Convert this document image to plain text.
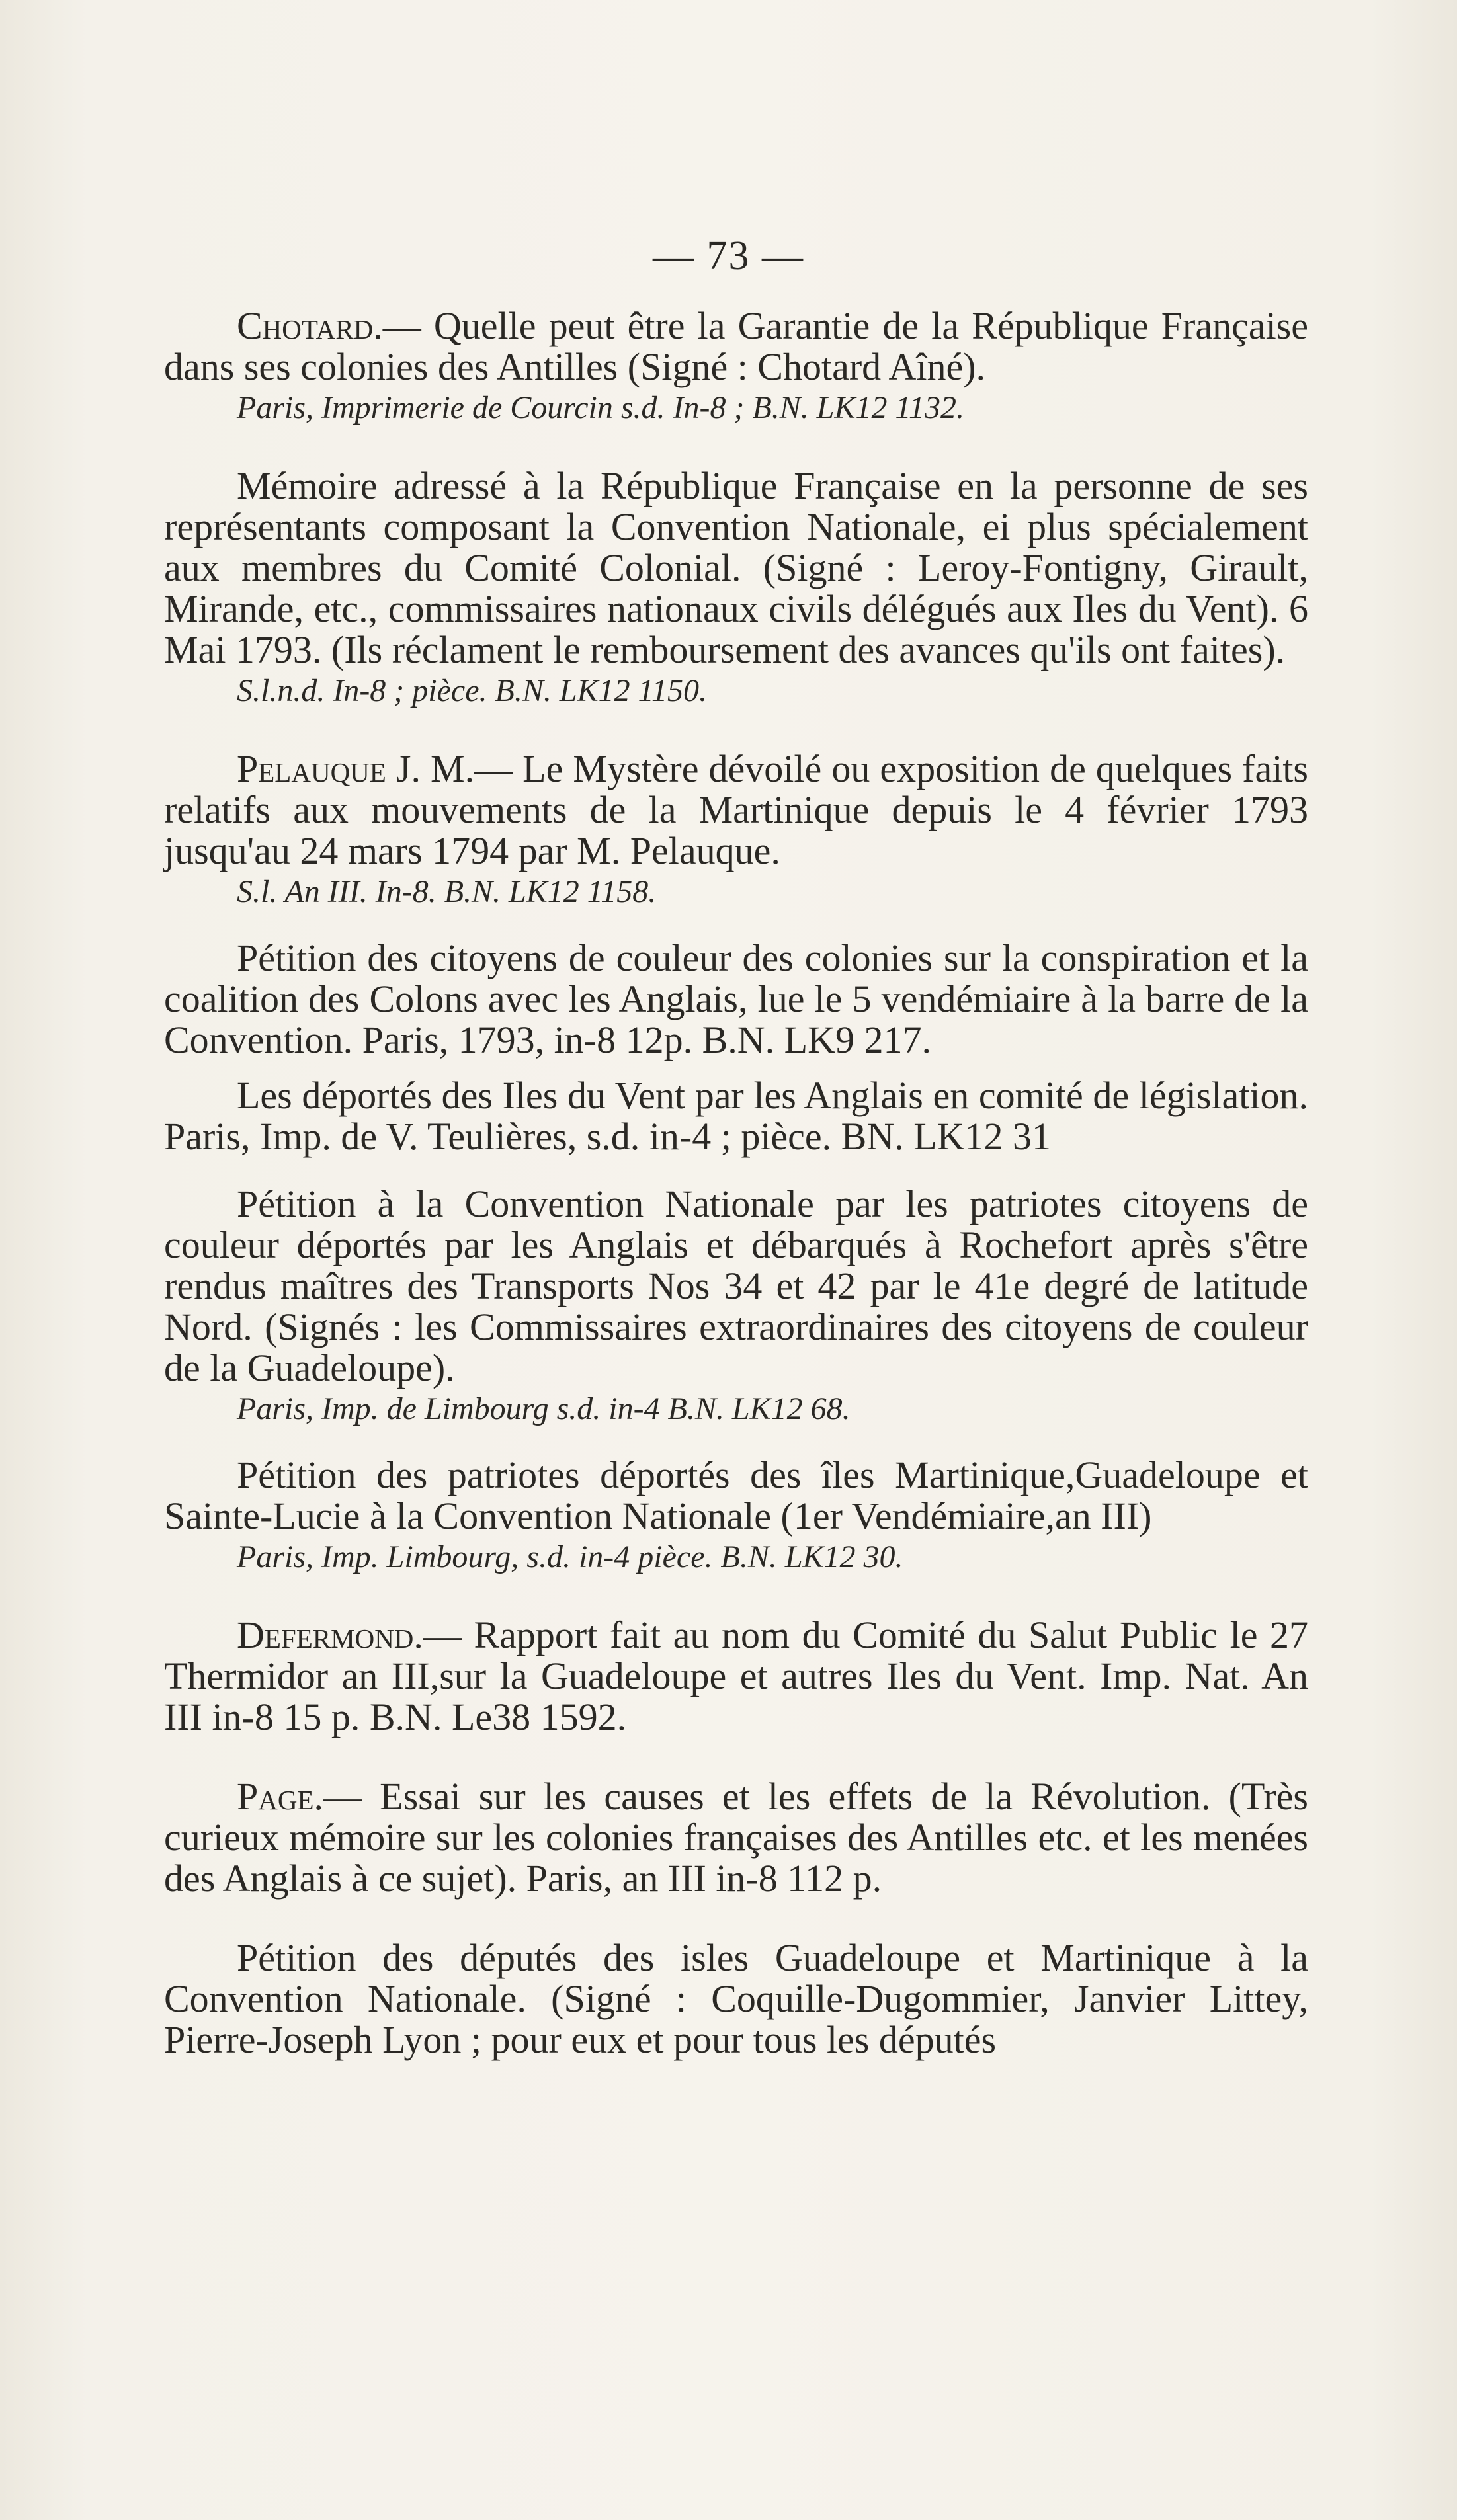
— 73 —

Chotard.— Quelle peut être la Garantie de la République Française dans ses colonies des Antilles (Signé : Chotard Aîné).

Paris, Imprimerie de Courcin s.d. In-8 ; B.N. LK12 1132.

Mémoire adressé à la République Française en la personne de ses représentants composant la Convention Nationale, ei plus spécialement aux membres du Comité Colonial. (Signé : Leroy-Fontigny, Girault, Mirande, etc., commissaires nationaux civils délégués aux Iles du Vent). 6 Mai 1793. (Ils réclament le remboursement des avances qu'ils ont faites).

S.l.n.d. In-8 ; pièce. B.N. LK12 1150.

Pelauque J. M.— Le Mystère dévoilé ou exposition de quelques faits relatifs aux mouvements de la Martinique depuis le 4 février 1793 jusqu'au 24 mars 1794 par M. Pelauque.

S.l. An III. In-8. B.N. LK12 1158.

Pétition des citoyens de couleur des colonies sur la conspiration et la coalition des Colons avec les Anglais, lue le 5 vendémiaire à la barre de la Convention. Paris, 1793, in-8 12p. B.N. LK9 217.

Les déportés des Iles du Vent par les Anglais en comité de législation. Paris, Imp. de V. Teulières, s.d. in-4 ; pièce. BN. LK12 31

Pétition à la Convention Nationale par les patriotes citoyens de couleur déportés par les Anglais et débarqués à Rochefort après s'être rendus maîtres des Transports Nos 34 et 42 par le 41e degré de latitude Nord. (Signés : les Commissaires extraordinaires des citoyens de couleur de la Guadeloupe).

Paris, Imp. de Limbourg s.d. in-4 B.N. LK12 68.

Pétition des patriotes déportés des îles Martinique,Guadeloupe et Sainte-Lucie à la Convention Nationale (1er Vendémiaire,an III)

Paris, Imp. Limbourg, s.d. in-4 pièce. B.N. LK12 30.

Defermond.— Rapport fait au nom du Comité du Salut Public le 27 Thermidor an III,sur la Guadeloupe et autres Iles du Vent. Imp. Nat. An III in-8 15 p. B.N. Le38 1592.

Page.— Essai sur les causes et les effets de la Révolution. (Très curieux mémoire sur les colonies françaises des Antilles etc. et les menées des Anglais à ce sujet). Paris, an III in-8 112 p.

Pétition des députés des isles Guadeloupe et Martinique à la Convention Nationale. (Signé : Coquille-Dugommier, Janvier Littey, Pierre-Joseph Lyon ; pour eux et pour tous les députés
